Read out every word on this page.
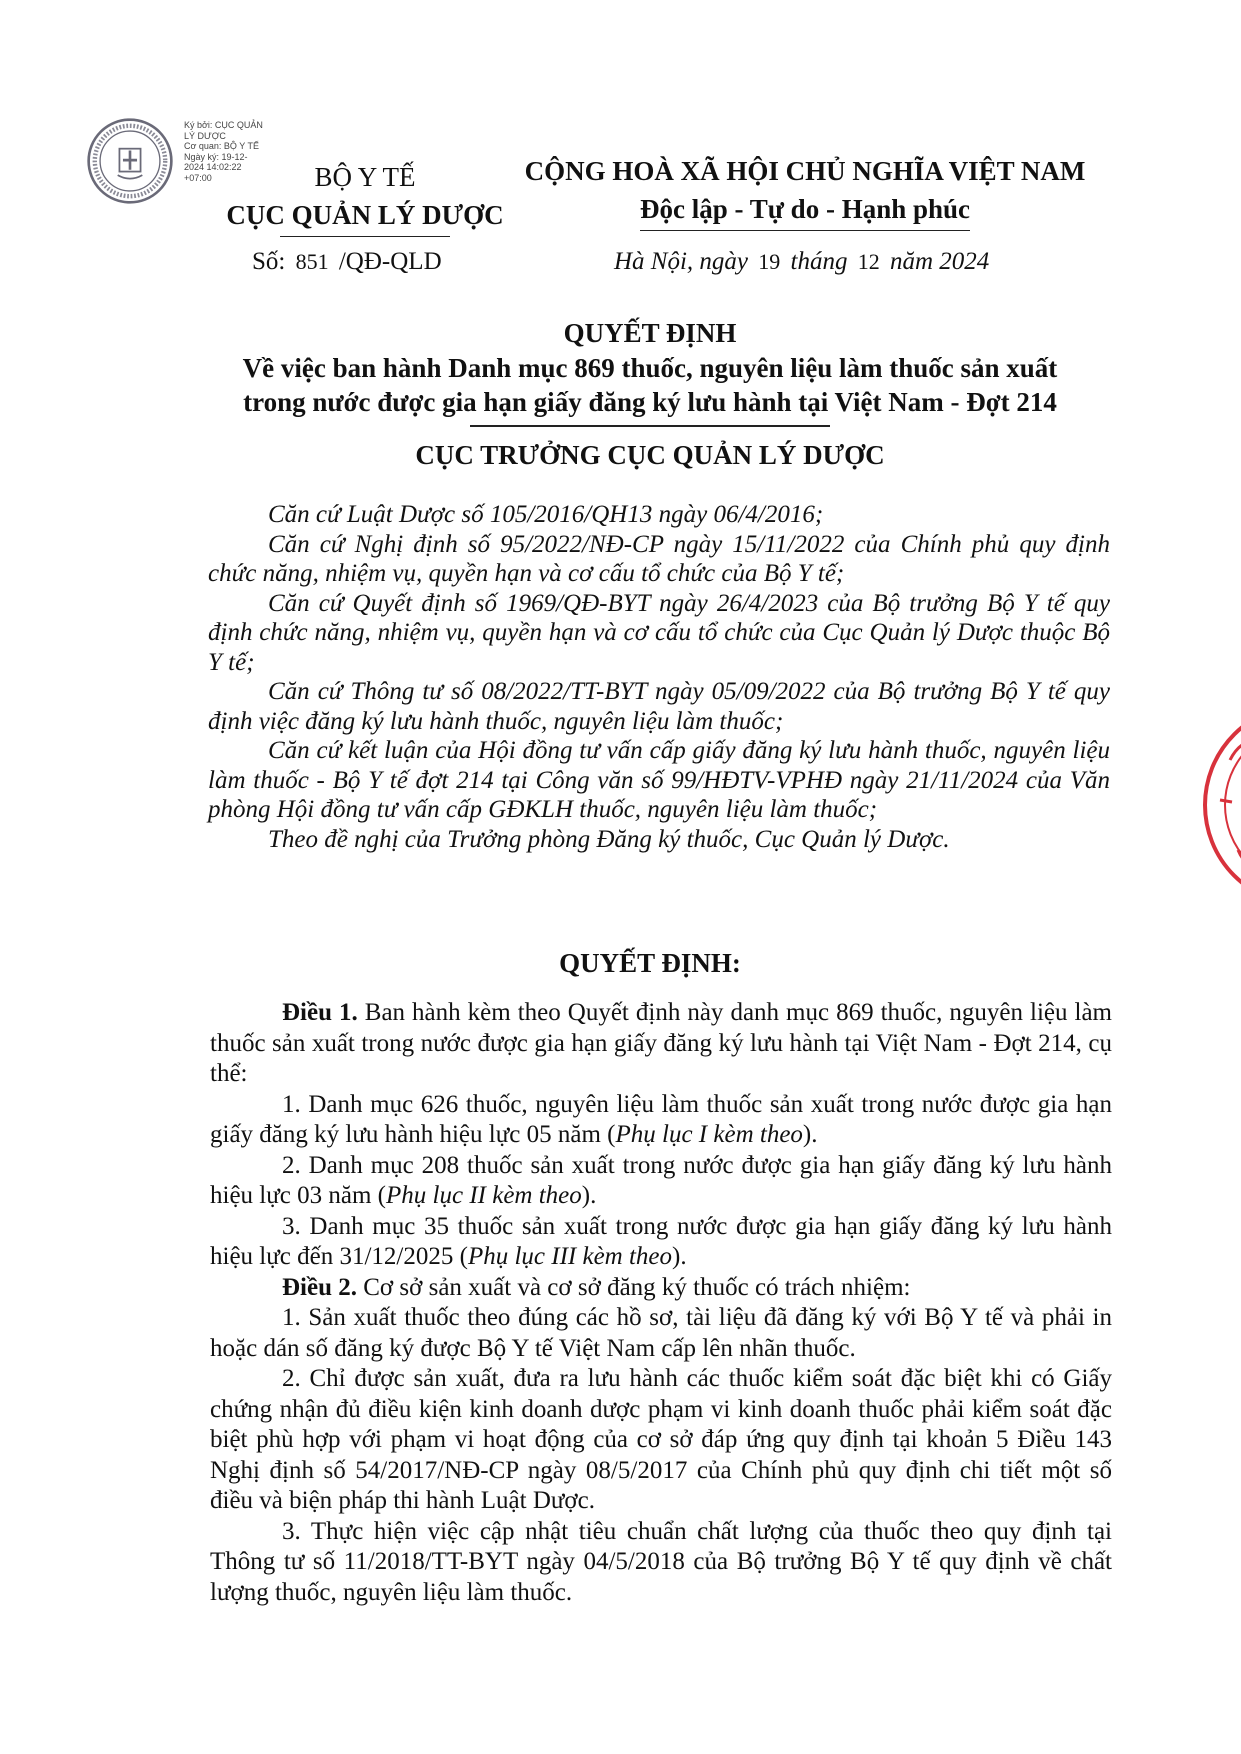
Ký bởi: CỤC QUẢN
LÝ DƯỢC
Cơ quan: BỘ Y TẾ
Ngày ký: 19-12-
2024 14:02:22
+07:00	BỘ Y TẾ
CỤC QUẢN LÝ DƯỢC
CỘNG HOÀ XÃ HỘI CHỦ NGHĨA VIỆT NAM
Độc lập - Tự do - Hạnh phúc
Số: 851 /QĐ-QLD	Hà Nội, ngày 19 tháng 12 năm 2024
QUYẾT ĐỊNH
Về việc ban hành Danh mục 869 thuốc, nguyên liệu làm thuốc sản xuất
trong nước được gia hạn giấy đăng ký lưu hành tại Việt Nam - Đợt 214
CỤC TRƯỞNG CỤC QUẢN LÝ DƯỢC

Căn cứ Luật Dược số 105/2016/QH13 ngày 06/4/2016;

Căn cứ Nghị định số 95/2022/NĐ-CP ngày 15/11/2022 của Chính phủ quy định chức năng, nhiệm vụ, quyền hạn và cơ cấu tổ chức của Bộ Y tế;

Căn cứ Quyết định số 1969/QĐ-BYT ngày 26/4/2023 của Bộ trưởng Bộ Y tế quy định chức năng, nhiệm vụ, quyền hạn và cơ cấu tổ chức của Cục Quản lý Dược thuộc Bộ Y tế;

Căn cứ Thông tư số 08/2022/TT-BYT ngày 05/09/2022 của Bộ trưởng Bộ Y tế quy định việc đăng ký lưu hành thuốc, nguyên liệu làm thuốc;

Căn cứ kết luận của Hội đồng tư vấn cấp giấy đăng ký lưu hành thuốc, nguyên liệu làm thuốc - Bộ Y tế đợt 214 tại Công văn số 99/HĐTV-VPHĐ ngày 21/11/2024 của Văn phòng Hội đồng tư vấn cấp GĐKLH thuốc, nguyên liệu làm thuốc;

Theo đề nghị của Trưởng phòng Đăng ký thuốc, Cục Quản lý Dược.

QUYẾT ĐỊNH:

Điều 1. Ban hành kèm theo Quyết định này danh mục 869 thuốc, nguyên liệu làm thuốc sản xuất trong nước được gia hạn giấy đăng ký lưu hành tại Việt Nam - Đợt 214, cụ thể:

1. Danh mục 626 thuốc, nguyên liệu làm thuốc sản xuất trong nước được gia hạn giấy đăng ký lưu hành hiệu lực 05 năm (Phụ lục I kèm theo).

2. Danh mục 208 thuốc sản xuất trong nước được gia hạn giấy đăng ký lưu hành hiệu lực 03 năm (Phụ lục II kèm theo).

3. Danh mục 35 thuốc sản xuất trong nước được gia hạn giấy đăng ký lưu hành hiệu lực đến 31/12/2025 (Phụ lục III kèm theo).

Điều 2. Cơ sở sản xuất và cơ sở đăng ký thuốc có trách nhiệm:

1. Sản xuất thuốc theo đúng các hồ sơ, tài liệu đã đăng ký với Bộ Y tế và phải in hoặc dán số đăng ký được Bộ Y tế Việt Nam cấp lên nhãn thuốc.

2. Chỉ được sản xuất, đưa ra lưu hành các thuốc kiểm soát đặc biệt khi có Giấy chứng nhận đủ điều kiện kinh doanh dược phạm vi kinh doanh thuốc phải kiểm soát đặc biệt phù hợp với phạm vi hoạt động của cơ sở đáp ứng quy định tại khoản 5 Điều 143 Nghị định số 54/2017/NĐ-CP ngày 08/5/2017 của Chính phủ quy định chi tiết một số điều và biện pháp thi hành Luật Dược.

3. Thực hiện việc cập nhật tiêu chuẩn chất lượng của thuốc theo quy định tại Thông tư số 11/2018/TT-BYT ngày 04/5/2018 của Bộ trưởng Bộ Y tế quy định về chất lượng thuốc, nguyên liệu làm thuốc.
